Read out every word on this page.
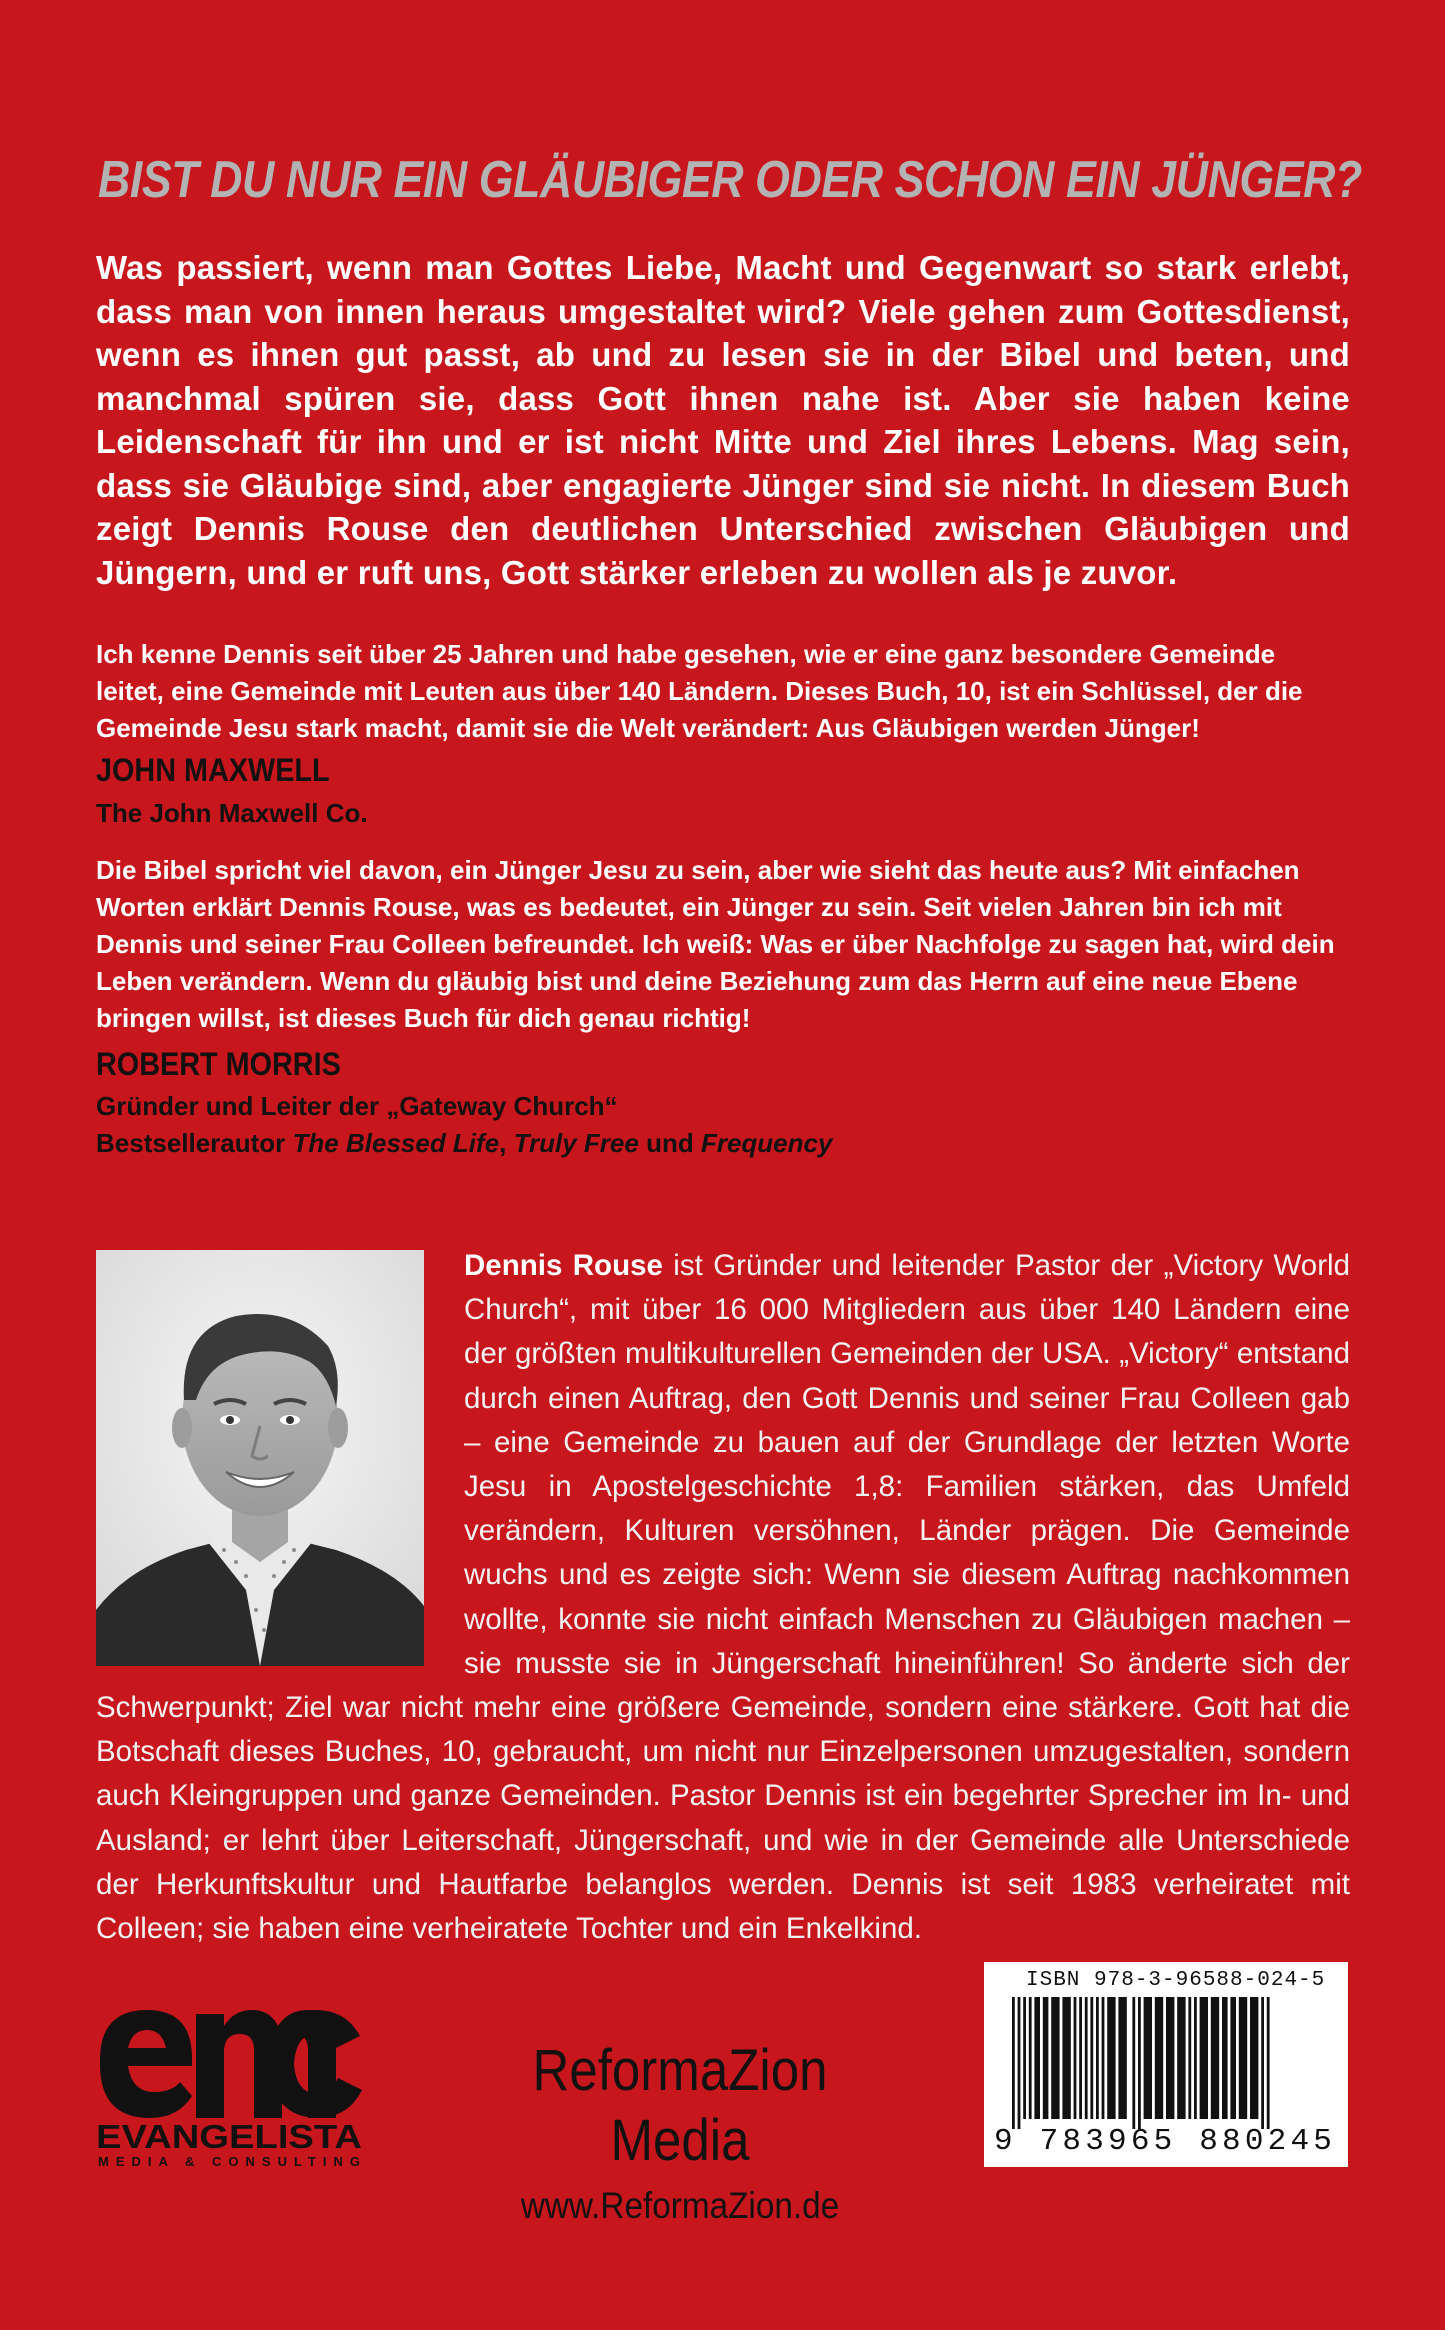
BIST DU NUR EIN GLÄUBIGER ODER SCHON EIN JÜNGER?

Was passiert, wenn man Gottes Liebe, Macht und Gegenwart so stark erlebt, dass man von innen heraus umgestaltet wird? Viele gehen zum Gottesdienst, wenn es ihnen gut passt, ab und zu lesen sie in der Bibel und beten, und manchmal spüren sie, dass Gott ihnen nahe ist. Aber sie haben keine Leidenschaft für ihn und er ist nicht Mitte und Ziel ihres Lebens. Mag sein, dass sie Gläubige sind, aber engagierte Jünger sind sie nicht. In diesem Buch zeigt Dennis Rouse den deutlichen Unterschied zwischen Gläubigen und Jüngern, und er ruft uns, Gott stärker erleben zu wollen als je zuvor.

Ich kenne Dennis seit über 25 Jahren und habe gesehen, wie er eine ganz besondere Gemeinde leitet, eine Gemeinde mit Leuten aus über 140 Ländern. Dieses Buch, 10, ist ein Schlüssel, der die Gemeinde Jesu stark macht, damit sie die Welt verändert: Aus Gläubigen werden Jünger!

JOHN MAXWELL
The John Maxwell Co.

Die Bibel spricht viel davon, ein Jünger Jesu zu sein, aber wie sieht das heute aus? Mit einfachen Worten erklärt Dennis Rouse, was es bedeutet, ein Jünger zu sein. Seit vielen Jahren bin ich mit Dennis und seiner Frau Colleen befreundet. Ich weiß: Was er über Nachfolge zu sagen hat, wird dein Leben verändern. Wenn du gläubig bist und deine Beziehung zum das Herrn auf eine neue Ebene bringen willst, ist dieses Buch für dich genau richtig!

ROBERT MORRIS
Gründer und Leiter der „Gateway Church“
Bestsellerautor The Blessed Life, Truly Free und Frequency
Dennis Rouse ist Gründer und leitender Pastor der „Victory World Church“, mit über 16 000 Mitgliedern aus über 140 Ländern eine der größten multikulturellen Gemeinden der USA. „Victory“ entstand durch einen Auftrag, den Gott Dennis und seiner Frau Colleen gab – eine Gemeinde zu bauen auf der Grundlage der letzten Worte Jesu in Apostelgeschichte 1,8: Familien stärken, das Umfeld verändern, Kulturen versöhnen, Länder prägen. Die Gemeinde wuchs und es zeigte sich: Wenn sie diesem Auftrag nachkommen wollte, konnte sie nicht einfach Menschen zu Gläubigen machen – sie musste sie in Jüngerschaft hineinführen! So änderte sich der Schwerpunkt; Ziel war nicht mehr eine größere Gemeinde, sondern eine stärkere. Gott hat die Botschaft dieses Buches, 10, gebraucht, um nicht nur Einzelpersonen umzugestalten, sondern auch Kleingruppen und ganze Gemeinden. Pastor Dennis ist ein begehrter Sprecher im In- und Ausland; er lehrt über Leiterschaft, Jüngerschaft, und wie in der Gemeinde alle Unterschiede der Herkunftskultur und Hautfarbe belanglos werden. Dennis ist seit 1983 verheiratet mit Colleen; sie haben eine verheiratete Tochter und ein Enkelkind.
EVANGELISTA
MEDIA & CONSULTING
ReformaZion Media
www.ReformaZion.de
ISBN 978-3-96588-024-5
9 783965 880245
